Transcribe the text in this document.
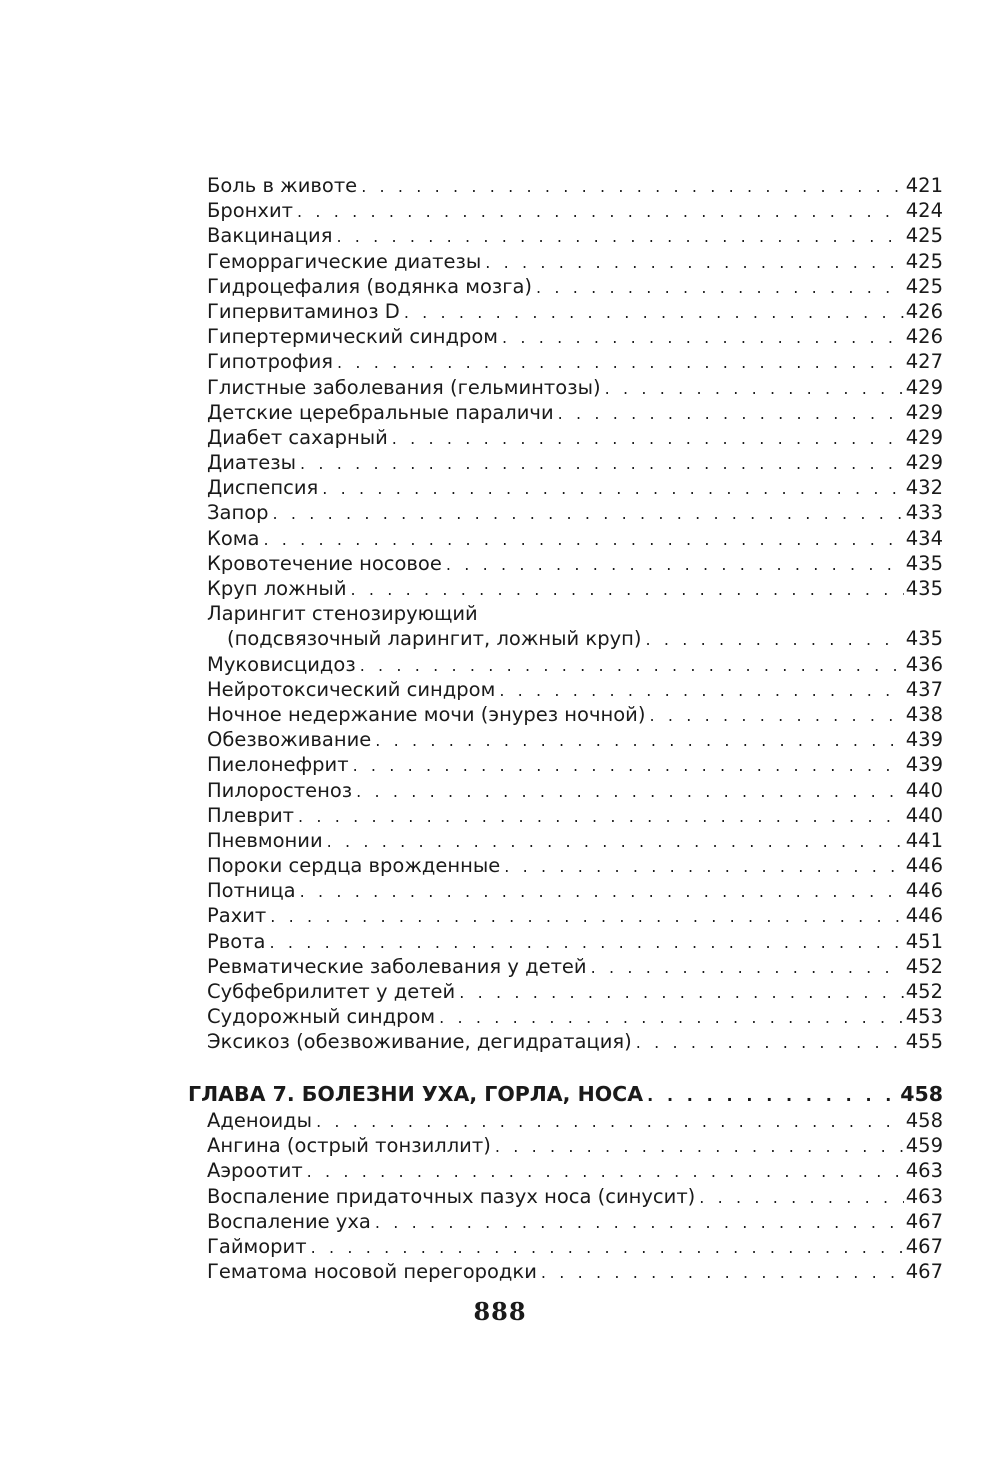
Боль в животе . . .	421
Бронхит . . .	424
Вакцинация . . .	425
Геморрагические диатезы . . .	425
Гидроцефалия (водянка мозга) . . .	425
Гипервитаминоз D . . .	426
Гипертермический синдром . . .	426
Гипотрофия . . .	427
Глистные заболевания (гельминтозы) . . .	429
Детские церебральные параличи . . .	429
Диабет сахарный . . .	429
Диатезы . . .	429
Диспепсия . . .	432
Запор . . .	433
Кома . . .	434
Кровотечение носовое . . .	435
Круп ложный . . .	435
Ларингит стенозирующий
(подсвязочный ларингит, ложный круп) . . .	435
Муковисцидоз . . .	436
Нейротоксический синдром . . .	437
Ночное недержание мочи (энурез ночной) . . .	438
Обезвоживание . . .	439
Пиелонефрит . . .	439
Пилоростеноз . . .	440
Плеврит . . .	440
Пневмонии . . .	441
Пороки сердца врожденные . . .	446
Потница . . .	446
Рахит . . .	446
Рвота . . .	451
Ревматические заболевания у детей . . .	452
Субфебрилитет у детей . . .	452
Судорожный синдром . . .	453
Эксикоз (обезвоживание, дегидратация) . . .	455
ГЛАВА 7. БОЛЕЗНИ УХА, ГОРЛА, НОСА . . .	458
Аденоиды . . .	458
Ангина (острый тонзиллит) . . .	459
Аэроотит . . .	463
Воспаление придаточных пазух носа (синусит) . . .	463
Воспаление уха . . .	467
Гайморит . . .	467
Гематома носовой перегородки . . .	467
888
